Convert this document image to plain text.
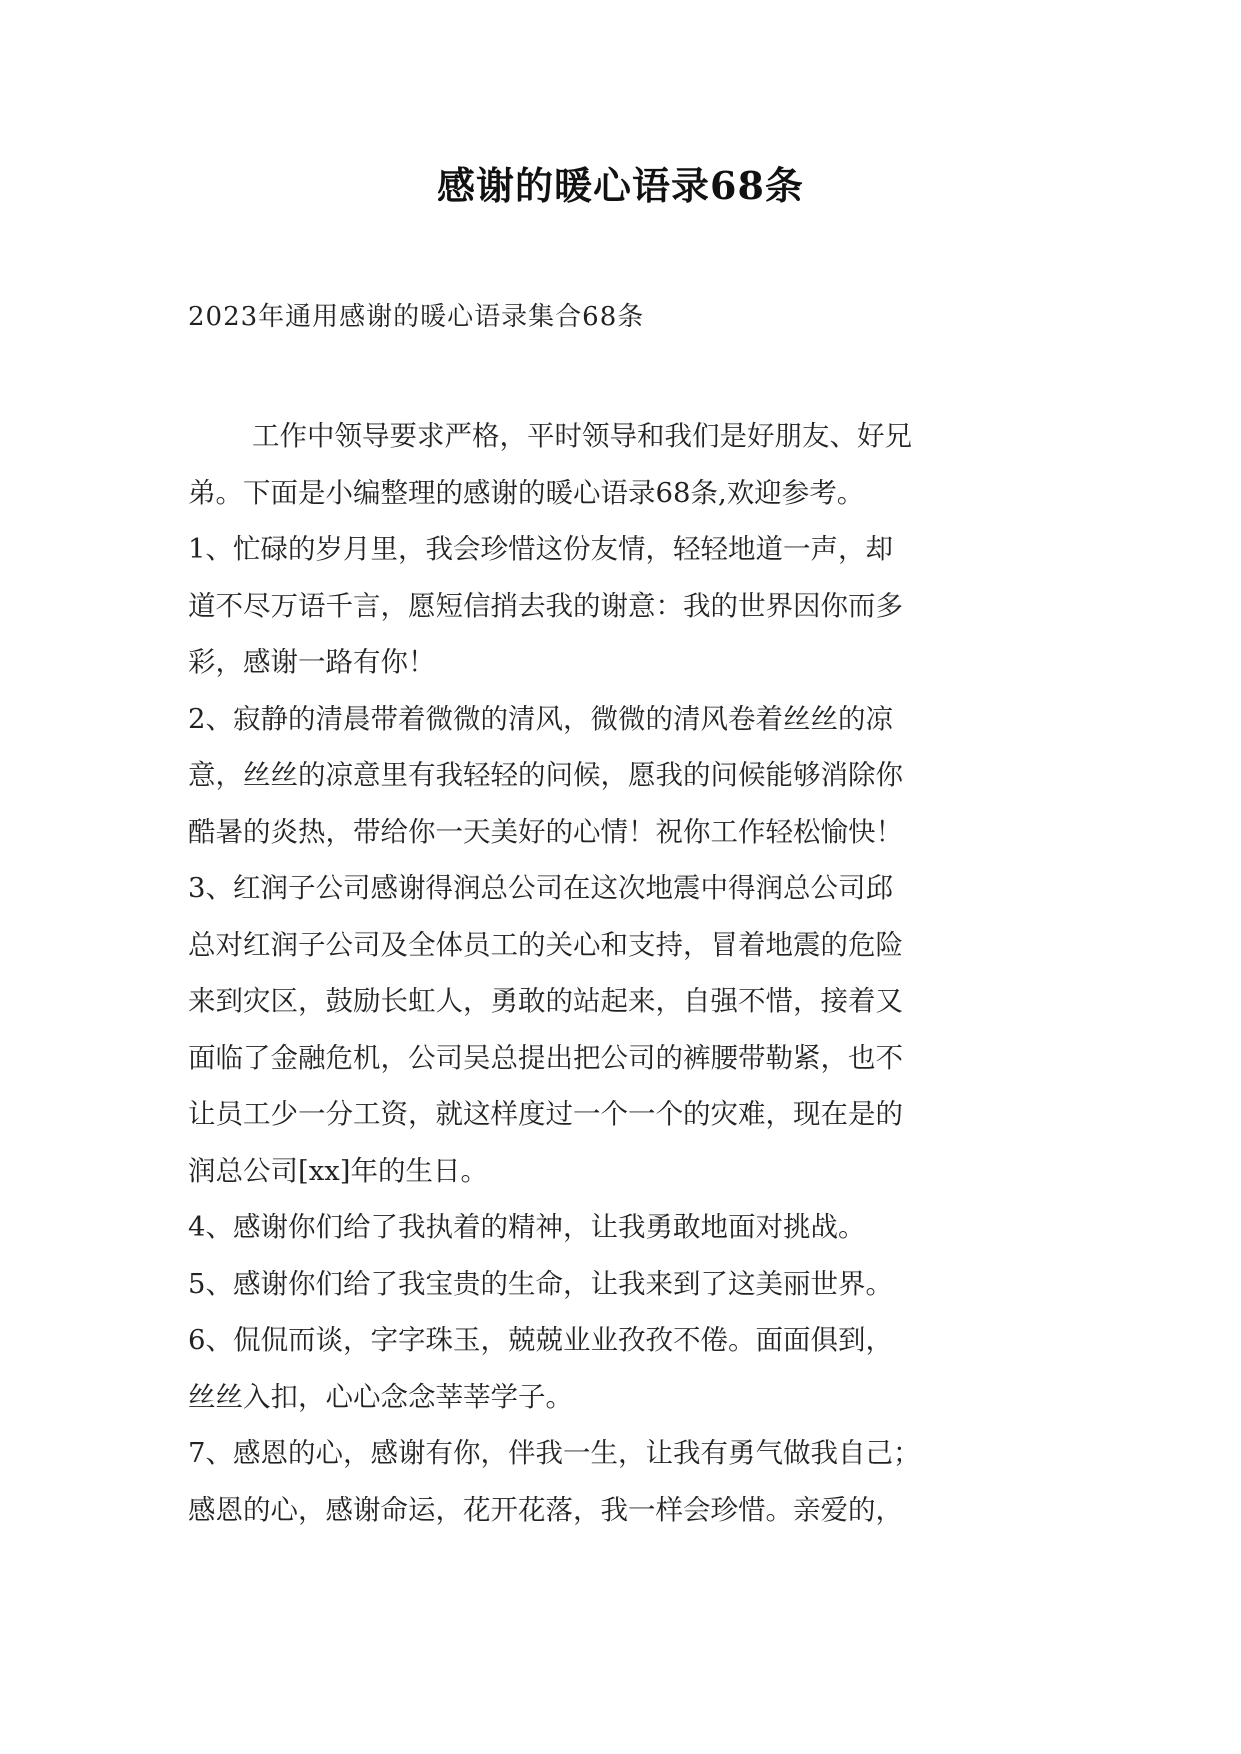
感谢的暖心语录68条
2023年通用感谢的暖心语录集合68条

工作中领导要求严格，平时领导和我们是好朋友、好兄
弟。下面是小编整理的感谢的暖心语录68条,欢迎参考。

1、忙碌的岁月里，我会珍惜这份友情，轻轻地道一声，却
道不尽万语千言，愿短信捎去我的谢意：我的世界因你而多
彩，感谢一路有你！

2、寂静的清晨带着微微的清风，微微的清风卷着丝丝的凉
意，丝丝的凉意里有我轻轻的问候，愿我的问候能够消除你
酷暑的炎热，带给你一天美好的心情！祝你工作轻松愉快！

3、红润子公司感谢得润总公司在这次地震中得润总公司邱
总对红润子公司及全体员工的关心和支持，冒着地震的危险
来到灾区，鼓励长虹人，勇敢的站起来，自强不惜，接着又
面临了金融危机，公司吴总提出把公司的裤腰带勒紧，也不
让员工少一分工资，就这样度过一个一个的灾难，现在是的
润总公司[xx]年的生日。

4、感谢你们给了我执着的精神，让我勇敢地面对挑战。

5、感谢你们给了我宝贵的生命，让我来到了这美丽世界。

6、侃侃而谈，字字珠玉，兢兢业业孜孜不倦。面面俱到，
丝丝入扣，心心念念莘莘学子。

7、感恩的心，感谢有你，伴我一生，让我有勇气做我自己；
感恩的心，感谢命运，花开花落，我一样会珍惜。亲爱的，
